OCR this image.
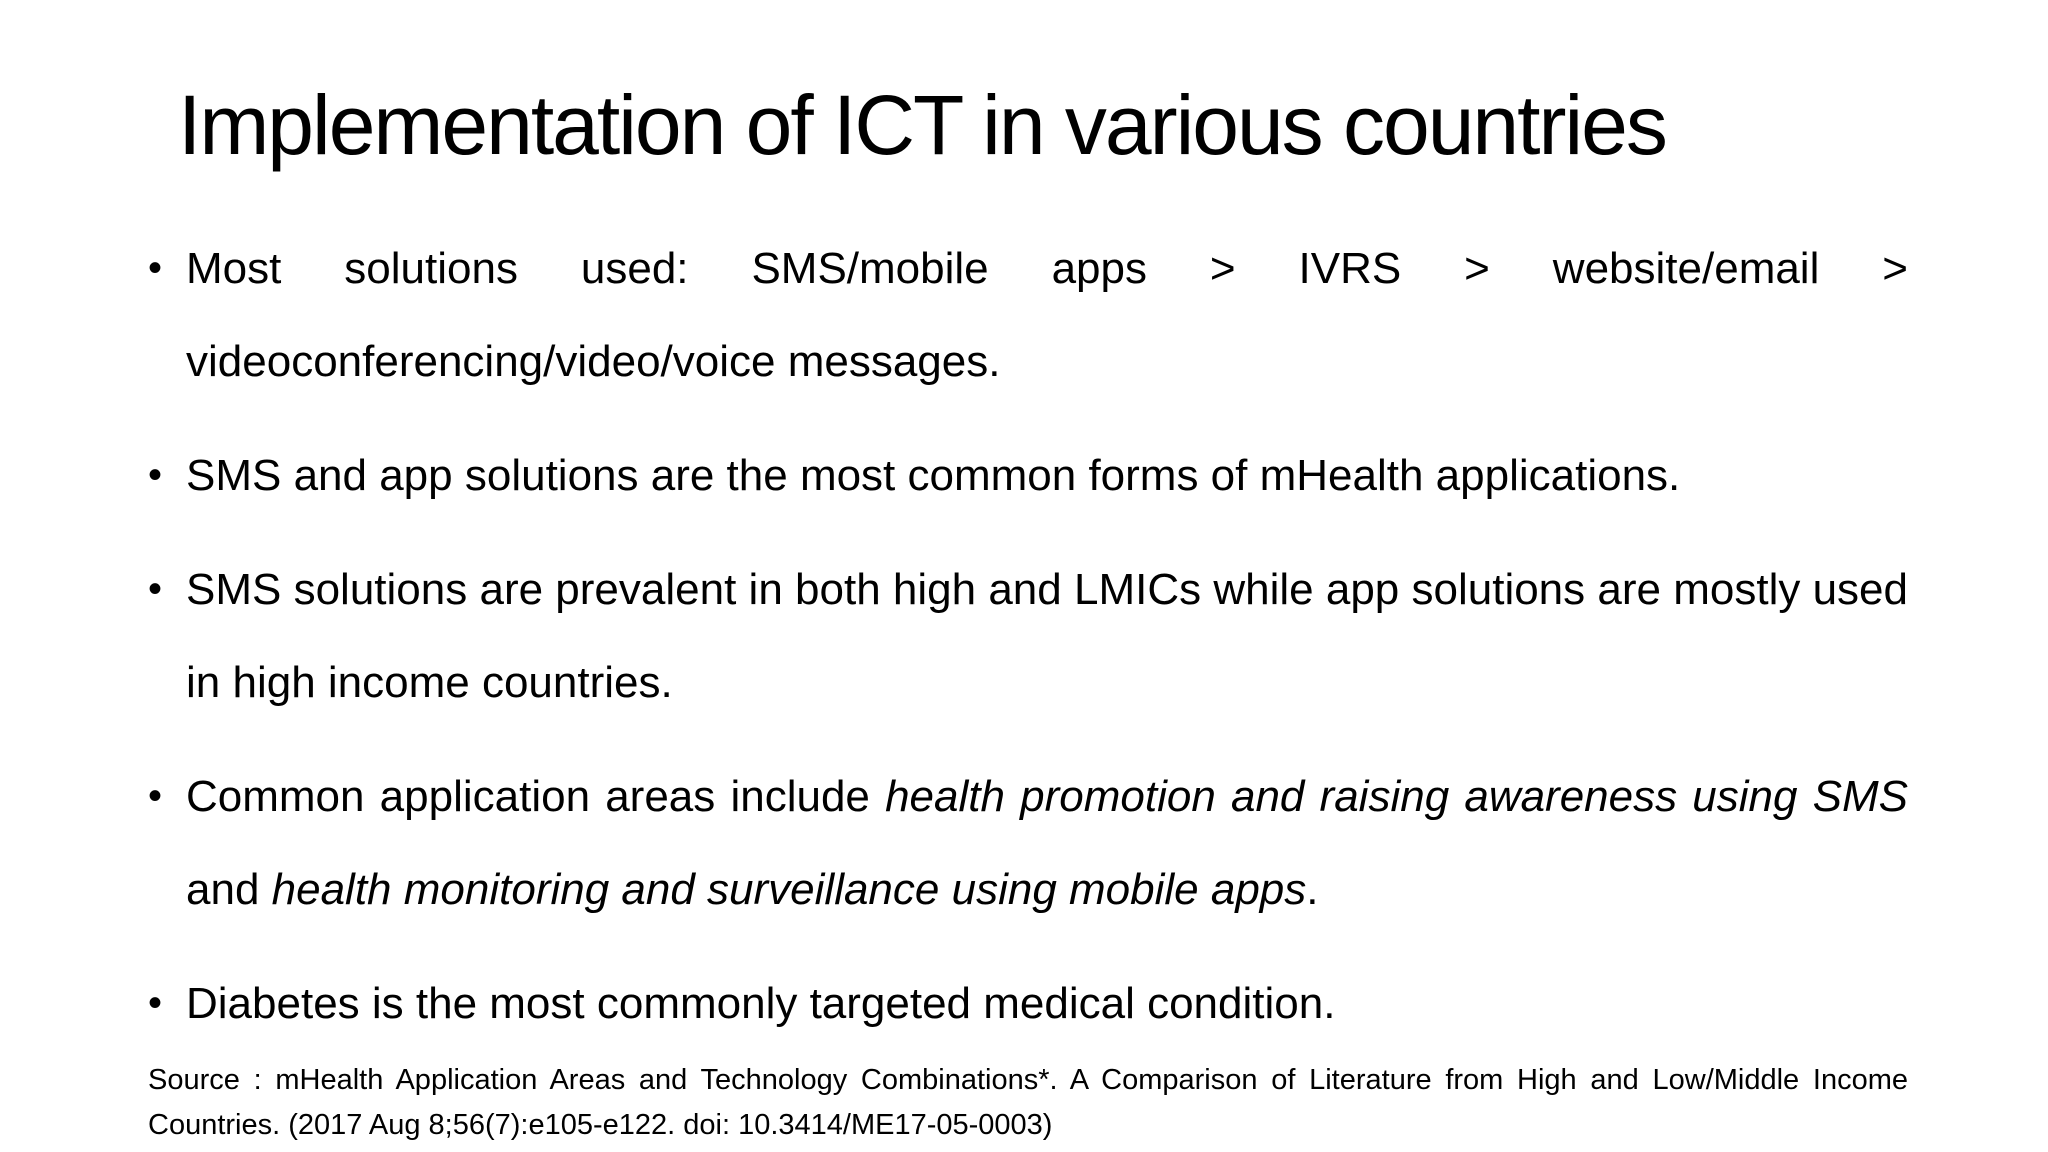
Implementation of ICT in various countries
• Most solutions used: SMS/mobile apps > IVRS > website/email > videoconferencing/video/voice messages.
• SMS and app solutions are the most common forms of mHealth applications.
• SMS solutions are prevalent in both high and LMICs while app solutions are mostly used in high income countries.
• Common application areas include health promotion and raising awareness using SMS and health monitoring and surveillance using mobile apps.
• Diabetes is the most commonly targeted medical condition.

Source : mHealth Application Areas and Technology Combinations*. A Comparison of Literature from High and Low/Middle Income Countries. (2017 Aug 8;56(7):e105-e122. doi: 10.3414/ME17-05-0003)
